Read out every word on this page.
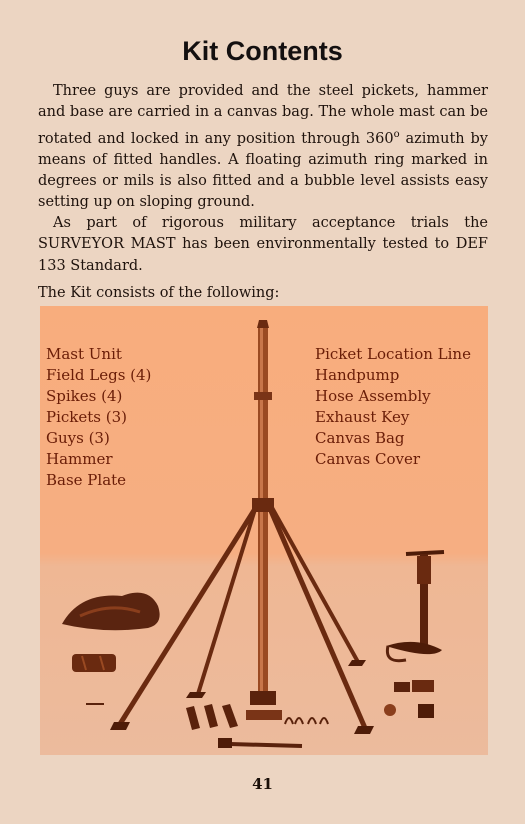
Kit Contents

Three guys are provided and the steel pickets, hammer and base are carried in a canvas bag. The whole mast can be rotated and locked in any position through 360$^o$ azimuth by means of fitted handles. A floating azimuth ring marked in degrees or mils is also fitted and a bubble level assists easy setting up on sloping ground.

As part of rigorous military acceptance trials the SURVEYOR MAST has been environmentally tested to DEF 133 Standard.

The Kit consists of the following:

Mast Unit
Field Legs (4)
Spikes (4)
Pickets (3)
Guys (3)
Hammer
Base Plate
Picket Location Line
Handpump
Hose Assembly
Exhaust Key
Canvas Bag
Canvas Cover
41
